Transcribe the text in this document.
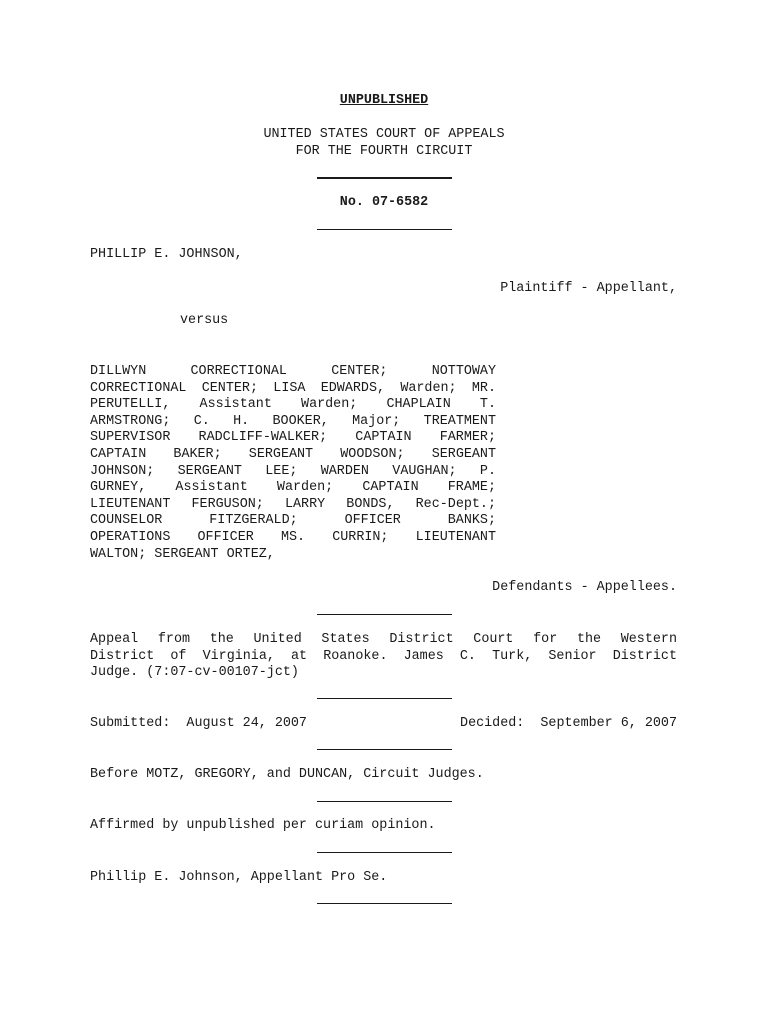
UNPUBLISHED
UNITED STATES COURT OF APPEALS
FOR THE FOURTH CIRCUIT
No. 07-6582
PHILLIP E. JOHNSON,
Plaintiff - Appellant,
versus
DILLWYN CORRECTIONAL CENTER; NOTTOWAY
CORRECTIONAL CENTER; LISA EDWARDS, Warden; MR.
PERUTELLI, Assistant Warden; CHAPLAIN T.
ARMSTRONG; C. H. BOOKER, Major; TREATMENT
SUPERVISOR RADCLIFF-WALKER; CAPTAIN FARMER;
CAPTAIN BAKER; SERGEANT WOODSON; SERGEANT
JOHNSON; SERGEANT LEE; WARDEN VAUGHAN; P.
GURNEY, Assistant Warden; CAPTAIN FRAME;
LIEUTENANT FERGUSON; LARRY BONDS, Rec-Dept.;
COUNSELOR FITZGERALD; OFFICER BANKS;
OPERATIONS OFFICER MS. CURRIN; LIEUTENANT
WALTON; SERGEANT ORTEZ,
Defendants - Appellees.
Appeal from the United States District Court for the Western
District of Virginia, at Roanoke. James C. Turk, Senior District
Judge. (7:07-cv-00107-jct)
Submitted:  August 24, 2007	Decided:  September 6, 2007
Before MOTZ, GREGORY, and DUNCAN, Circuit Judges.
Affirmed by unpublished per curiam opinion.
Phillip E. Johnson, Appellant Pro Se.
